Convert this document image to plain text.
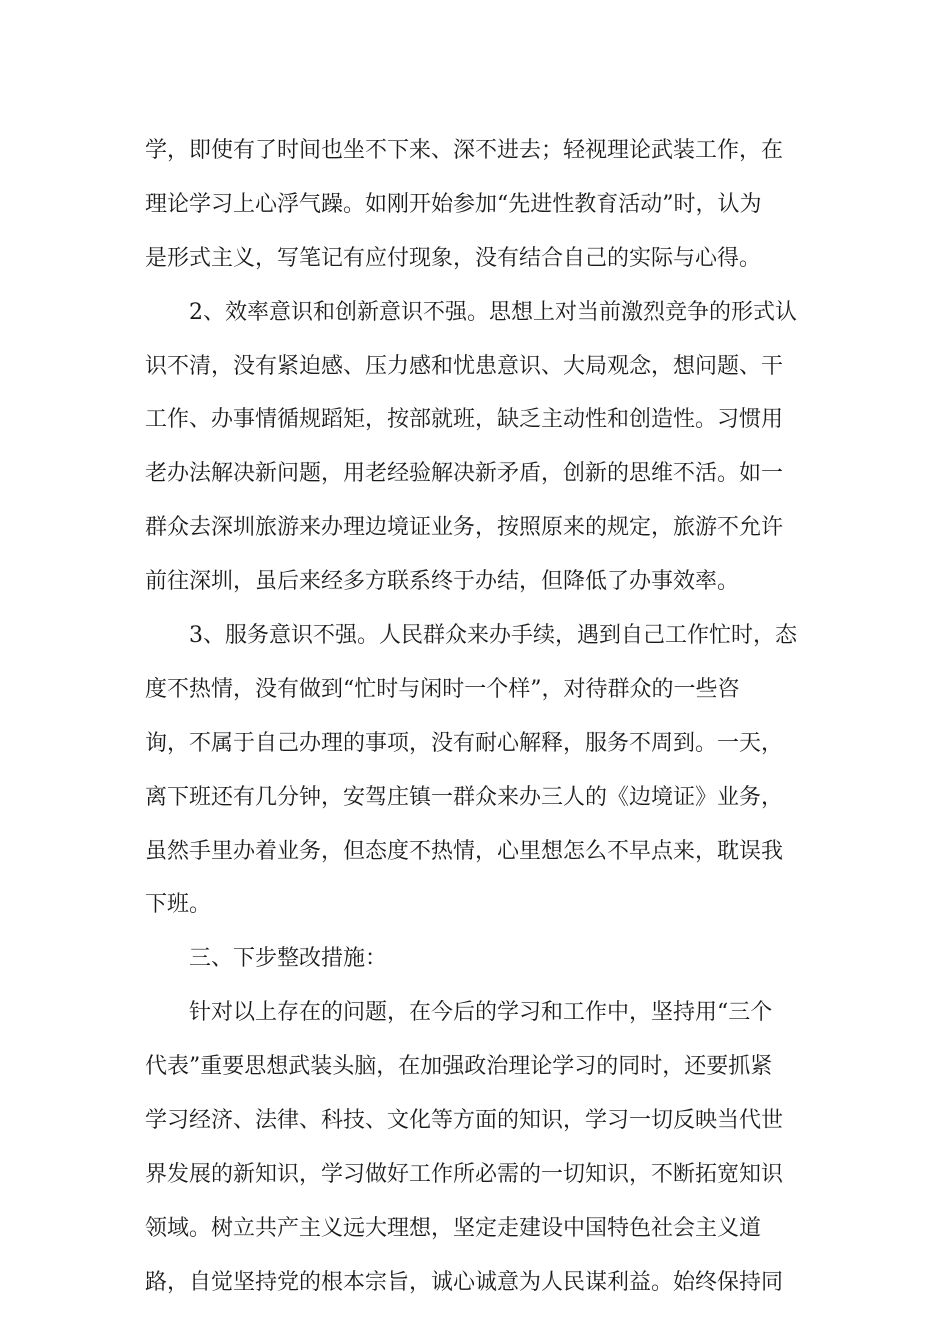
学，即使有了时间也坐不下来、深不进去；轻视理论武装工作，在
理论学习上心浮气躁。如刚开始参加“先进性教育活动”时，认为
是形式主义，写笔记有应付现象，没有结合自己的实际与心得。
2、效率意识和创新意识不强。思想上对当前激烈竞争的形式认
识不清，没有紧迫感、压力感和忧患意识、大局观念，想问题、干
工作、办事情循规蹈矩，按部就班，缺乏主动性和创造性。习惯用
老办法解决新问题，用老经验解决新矛盾，创新的思维不活。如一
群众去深圳旅游来办理边境证业务，按照原来的规定，旅游不允许
前往深圳，虽后来经多方联系终于办结，但降低了办事效率。
3、服务意识不强。人民群众来办手续，遇到自己工作忙时，态
度不热情，没有做到“忙时与闲时一个样”，对待群众的一些咨
询，不属于自己办理的事项，没有耐心解释，服务不周到。一天，
离下班还有几分钟，安驾庄镇一群众来办三人的《边境证》业务，
虽然手里办着业务，但态度不热情，心里想怎么不早点来，耽误我
下班。
三、下步整改措施：
针对以上存在的问题，在今后的学习和工作中，坚持用“三个
代表”重要思想武装头脑，在加强政治理论学习的同时，还要抓紧
学习经济、法律、科技、文化等方面的知识，学习一切反映当代世
界发展的新知识，学习做好工作所必需的一切知识，不断拓宽知识
领域。树立共产主义远大理想，坚定走建设中国特色社会主义道
路，自觉坚持党的根本宗旨，诚心诚意为人民谋利益。始终保持同
